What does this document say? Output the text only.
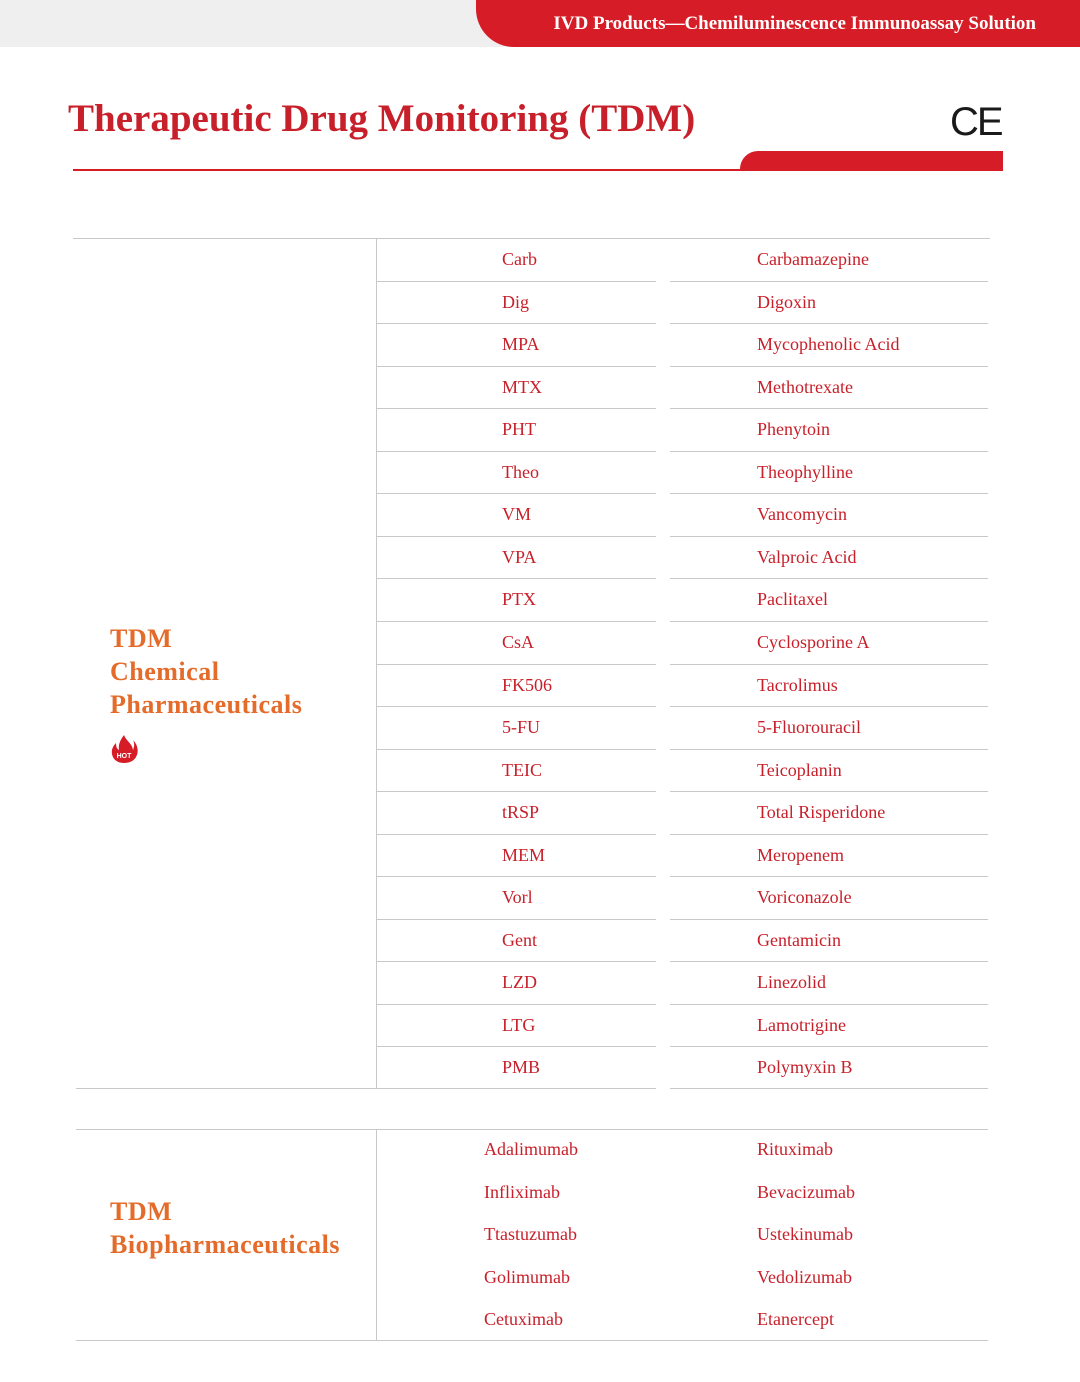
IVD Products—Chemiluminescence Immunoassay Solution
Therapeutic Drug Monitoring (TDM)	CE
TDM
Chemical
Pharmaceuticals
HOT
Carb	Carbamazepine
Dig	Digoxin
MPA	Mycophenolic Acid
MTX	Methotrexate
PHT	Phenytoin
Theo	Theophylline
VM	Vancomycin
VPA	Valproic Acid
PTX	Paclitaxel
CsA	Cyclosporine A
FK506	Tacrolimus
5-FU	5-Fluorouracil
TEIC	Teicoplanin
tRSP	Total Risperidone
MEM	Meropenem
Vorl	Voriconazole
Gent	Gentamicin
LZD	Linezolid
LTG	Lamotrigine
PMB	Polymyxin B
TDM
Biopharmaceuticals
Adalimumab	Rituximab
Infliximab	Bevacizumab
Ttastuzumab	Ustekinumab
Golimumab	Vedolizumab
Cetuximab	Etanercept
